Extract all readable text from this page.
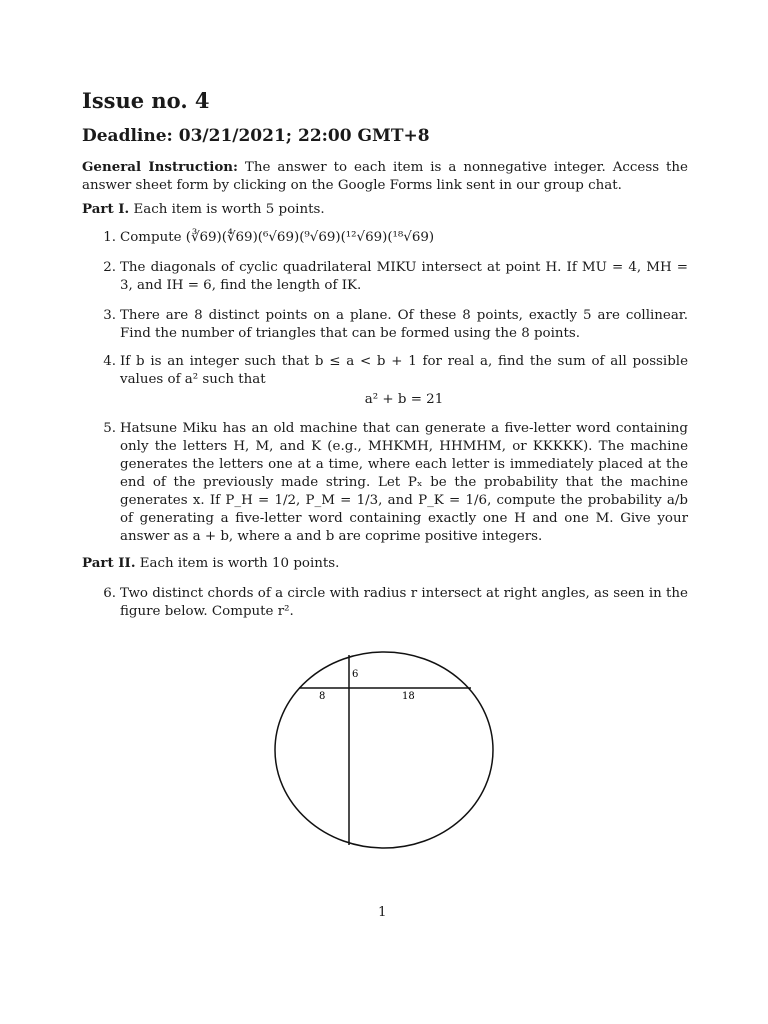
Issue no. 4
Deadline: 03/21/2021; 22:00 GMT+8

General Instruction: The answer to each item is a nonnegative integer. Access the answer sheet form by clicking on the Google Forms link sent in our group chat.

Part I. Each item is worth 5 points.

1. Compute (∛69)(∜69)(⁶√69)(⁹√69)(¹²√69)(¹⁸√69)
2. The diagonals of cyclic quadrilateral MIKU intersect at point H. If MU = 4, MH = 3, and IH = 6, find the length of IK.
3. There are 8 distinct points on a plane. Of these 8 points, exactly 5 are collinear. Find the number of triangles that can be formed using the 8 points.
4. If b is an integer such that b ≤ a < b + 1 for real a, find the sum of all possible values of a² such that
a² + b = 21
5. Hatsune Miku has an old machine that can generate a five-letter word containing only the letters H, M, and K (e.g., MHKMH, HHMHM, or KKKKK). The machine generates the letters one at a time, where each letter is immediately placed at the end of the previously made string. Let Pₓ be the probability that the machine generates x. If P_H = 1/2, P_M = 1/3, and P_K = 1/6, compute the probability a/b of generating a five-letter word containing exactly one H and one M. Give your answer as a + b, where a and b are coprime positive integers.

Part II. Each item is worth 10 points.

6. Two distinct chords of a circle with radius r intersect at right angles, as seen in the figure below. Compute r².
6
8	18
1
